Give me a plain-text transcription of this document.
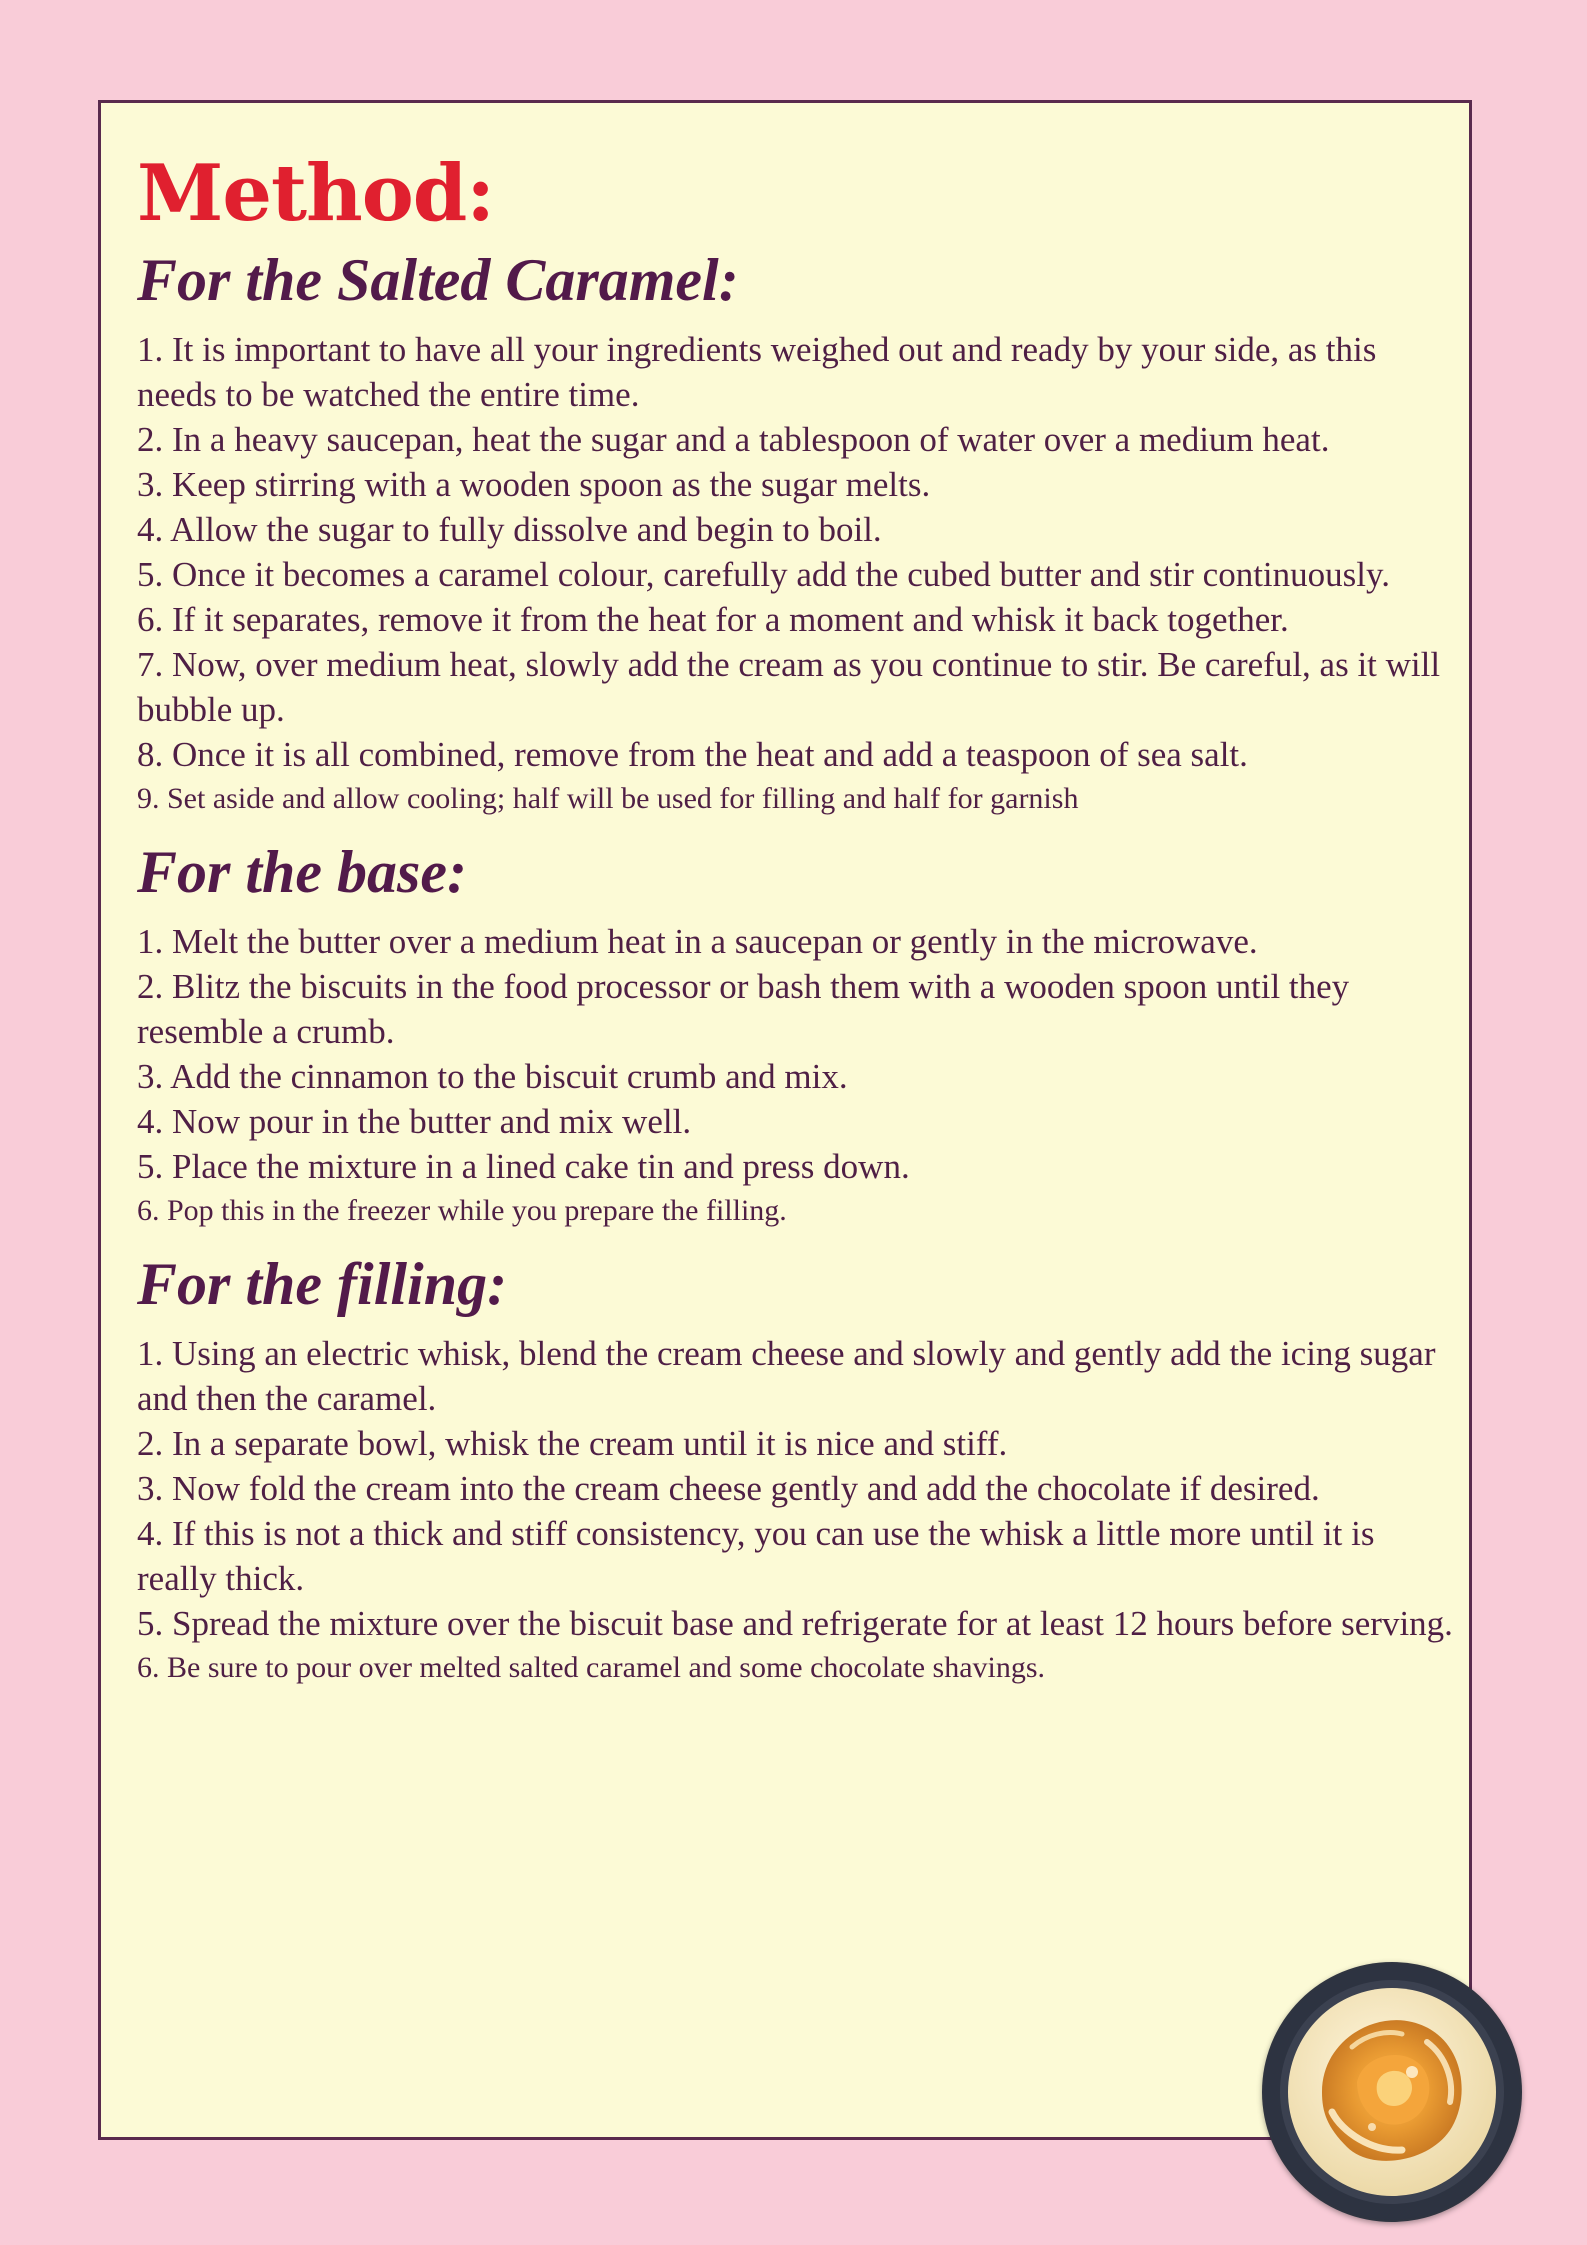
Method:
For the Salted Caramel:
1. It is important to have all your ingredients weighed out and ready by your side, as this needs to be watched the entire time.
2. In a heavy saucepan, heat the sugar and a tablespoon of water over a medium heat.
3. Keep stirring with a wooden spoon as the sugar melts.
4. Allow the sugar to fully dissolve and begin to boil.
5. Once it becomes a caramel colour, carefully add the cubed butter and stir continuously.
6. If it separates, remove it from the heat for a moment and whisk it back together.
7. Now, over medium heat, slowly add the cream as you continue to stir. Be careful, as it will bubble up.
8. Once it is all combined, remove from the heat and add a teaspoon of sea salt.
9. Set aside and allow cooling; half will be used for filling and half for garnish
For the base:
1. Melt the butter over a medium heat in a saucepan or gently in the microwave.
2. Blitz the biscuits in the food processor or bash them with a wooden spoon until they resemble a crumb.
3. Add the cinnamon to the biscuit crumb and mix.
4. Now pour in the butter and mix well.
5. Place the mixture in a lined cake tin and press down.
6. Pop this in the freezer while you prepare the filling.
For the filling:
1. Using an electric whisk, blend the cream cheese and slowly and gently add the icing sugar and then the caramel.
2. In a separate bowl, whisk the cream until it is nice and stiff.
3. Now fold the cream into the cream cheese gently and add the chocolate if desired.
4. If this is not a thick and stiff consistency, you can use the whisk a little more until it is really thick.
5. Spread the mixture over the biscuit base and refrigerate for at least 12 hours before serving.
6. Be sure to pour over melted salted caramel and some chocolate shavings.
